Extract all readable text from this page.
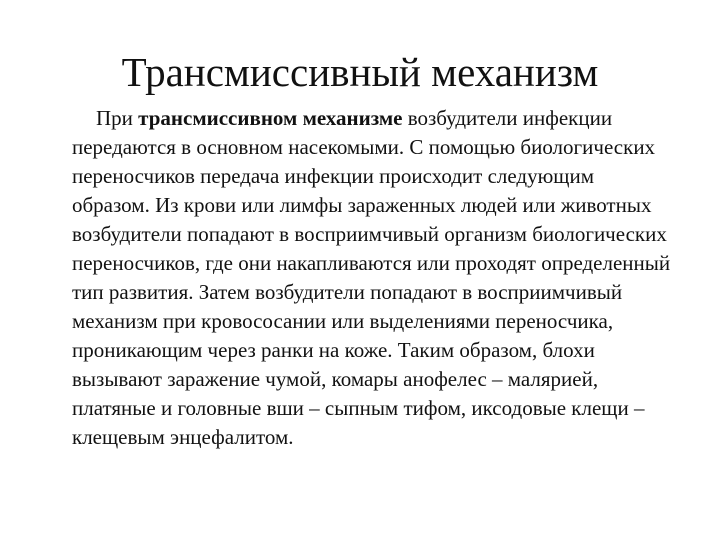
Трансмиссивный механизм

При трансмиссивном механизме возбудители инфекции передаются в основном насекомыми. С помощью биологических переносчиков передача инфекции происходит следующим образом. Из крови или лимфы зараженных людей или животных возбудители попадают в восприимчивый организм биологических переносчиков, где они накапливаются или проходят определенный тип развития. Затем возбудители попадают в восприимчивый механизм при кровососании или выделениями переносчика, проникающим через ранки на коже. Таким образом, блохи вызывают заражение чумой, комары анофелес – малярией, платяные и головные вши – сыпным тифом, иксодовые клещи – клещевым энцефалитом.
